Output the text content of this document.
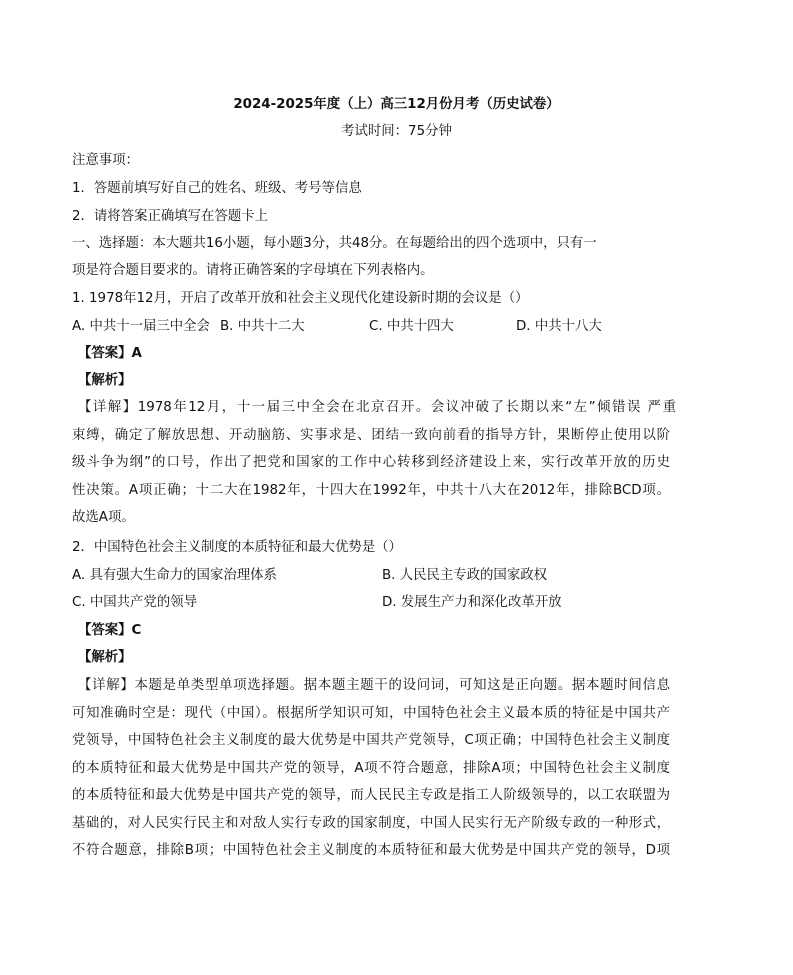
2024-2025年度（上）高三12月份月考（历史试卷）
考试时间：75分钟
注意事项：
1．答题前填写好自己的姓名、班级、考号等信息
2．请将答案正确填写在答题卡上
一、选择题：本大题共16小题，每小题3分，共48分。在每题给出的四个选项中，只有一
项是符合题目要求的。请将正确答案的字母填在下列表格内。
1. 1978年12月，开启了改革开放和社会主义现代化建设新时期的会议是（）
A. 中共十一届三中全会 B. 中共十二大	C. 中共十四大	D. 中共十八大
【答案】A
【解析】
【详解】1978年12月，十一届三中全会在北京召开。会议冲破了长期以来“左”倾错误 严重
束缚，确定了解放思想、开动脑筋、实事求是、团结一致向前看的指导方针，果断停止使用以阶
级斗争为纲”的口号，作出了把党和国家的工作中心转移到经济建设上来，实行改革开放的历史
性决策。A项正确；十二大在1982年，十四大在1992年，中共十八大在2012年，排除BCD项。
故选A项。
2．中国特色社会主义制度的本质特征和最大优势是（）
A. 具有强大生命力的国家治理体系	B. 人民民主专政的国家政权
C. 中国共产党的领导	D. 发展生产力和深化改革开放
【答案】C
【解析】
【详解】本题是单类型单项选择题。据本题主题干的设问词，可知这是正向题。据本题时间信息
可知准确时空是：现代（中国）。根据所学知识可知，中国特色社会主义最本质的特征是中国共产
党领导，中国特色社会主义制度的最大优势是中国共产党领导，C项正确；中国特色社会主义制度
的本质特征和最大优势是中国共产党的领导，A项不符合题意，排除A项；中国特色社会主义制度
的本质特征和最大优势是中国共产党的领导，而人民民主专政是指工人阶级领导的，以工农联盟为
基础的，对人民实行民主和对敌人实行专政的国家制度，中国人民实行无产阶级专政的一种形式，
不符合题意，排除B项；中国特色社会主义制度的本质特征和最大优势是中国共产党的领导，D项
